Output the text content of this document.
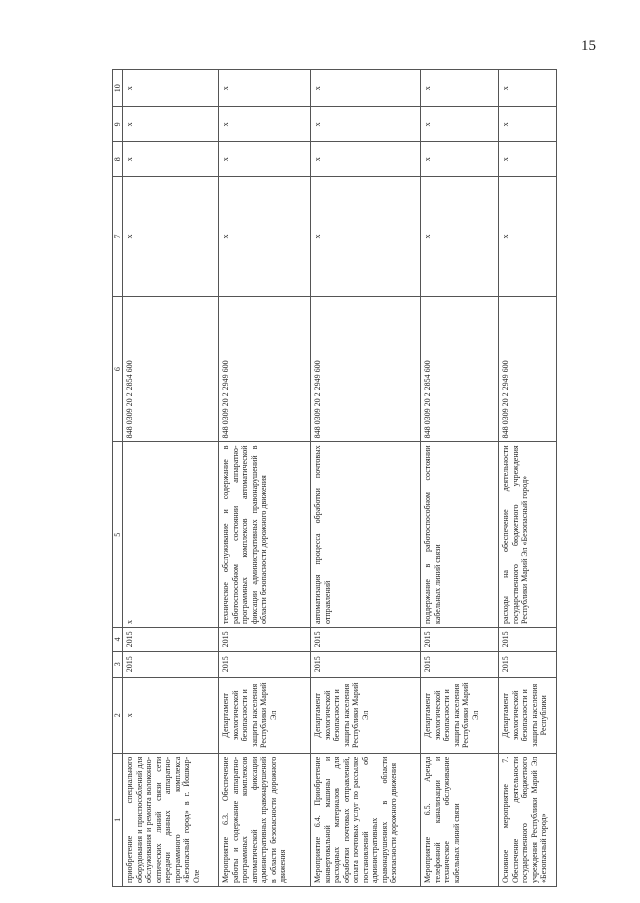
15
1	2	3	4	5	6	7	8	9	10
приобретение специального оборудования и приспособлений для обслуживания и ремонта волоконно-оптических линий связи сети передачи данных аппаратно-программного комплекса «Безопасный город» в г. Йошкар-Оле	x	2015	2015	x	848 0309 20 2 2854 600	x	x	x	x
Мероприятие 6.3. Обеспечение работы и содержание аппаратно-программных комплексов автоматической фиксации административных правонарушений в области безопасности дорожного движения	Департамент экологической безопасности и защиты населения Республики Марий Эл	2015	2015	техническое обслуживание и содержание в работоспособном состоянии аппаратно-программных комплексов автоматической фиксации административных правонарушений в области безопасности дорожного движения	848 0309 20 2 2949 600	x	x	x	x
Мероприятие 6.4. Приобретение конвертовальной машины и расходных материалов для обработки почтовых отправлений, оплата почтовых услуг по рассылке постановлений об административных правонарушениях в области безопасности дорожного движения	Департамент экологической безопасности и защиты населения Республики Марий Эл	2015	2015	автоматизация процесса обработки почтовых отправлений	848 0309 20 2 2949 600	x	x	x	x
Мероприятие 6.5. Аренда телефонной канализации и техническое обслуживание кабельных линий связи	Департамент экологической безопасности и защиты населения Республики Марий Эл	2015	2015	поддержание в работоспособном состоянии кабельных линий связи	848 0309 20 2 2854 600	x	x	x	x
Основное мероприятие 7. Обеспечение деятельности государственного бюджетного учреждения Республики Марий Эл «Безопасный город»	Департамент экологической безопасности и защиты населения Республики	2015	2015	расходы на обеспечение деятельности государственного бюджетного учреждения Республики Марий Эл «Безопасный город»	848 0309 20 2 2949 600	x	x	x	x
